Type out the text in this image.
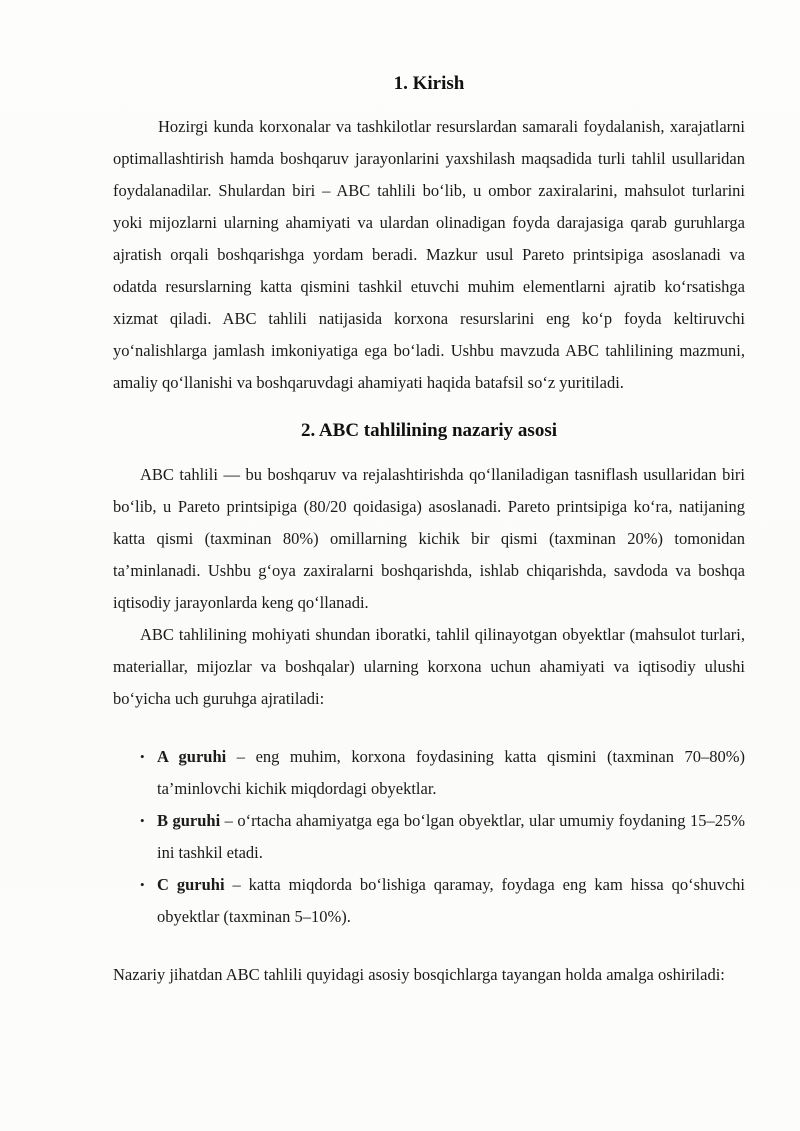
1. Kirish

Hozirgi kunda korxonalar va tashkilotlar resurslardan samarali foydalanish, xarajatlarni optimallashtirish hamda boshqaruv jarayonlarini yaxshilash maqsadida turli tahlil usullaridan foydalanadilar. Shulardan biri – ABC tahlili bo‘lib, u ombor zaxiralarini, mahsulot turlarini yoki mijozlarni ularning ahamiyati va ulardan olinadigan foyda darajasiga qarab guruhlarga ajratish orqali boshqarishga yordam beradi. Mazkur usul Pareto printsipiga asoslanadi va odatda resurslarning katta qismini tashkil etuvchi muhim elementlarni ajratib ko‘rsatishga xizmat qiladi. ABC tahlili natijasida korxona resurslarini eng ko‘p foyda keltiruvchi yo‘nalishlarga jamlash imkoniyatiga ega bo‘ladi. Ushbu mavzuda ABC tahlilining mazmuni, amaliy qo‘llanishi va boshqaruvdagi ahamiyati haqida batafsil so‘z yuritiladi.

2. ABC tahlilining nazariy asosi

ABC tahlili — bu boshqaruv va rejalashtirishda qo‘llaniladigan tasniflash usullaridan biri bo‘lib, u Pareto printsipiga (80/20 qoidasiga) asoslanadi. Pareto printsipiga ko‘ra, natijaning katta qismi (taxminan 80%) omillarning kichik bir qismi (taxminan 20%) tomonidan ta’minlanadi. Ushbu g‘oya zaxiralarni boshqarishda, ishlab chiqarishda, savdoda va boshqa iqtisodiy jarayonlarda keng qo‘llanadi.

ABC tahlilining mohiyati shundan iboratki, tahlil qilinayotgan obyektlar (mahsulot turlari, materiallar, mijozlar va boshqalar) ularning korxona uchun ahamiyati va iqtisodiy ulushi bo‘yicha uch guruhga ajratiladi:

• A guruhi – eng muhim, korxona foydasining katta qismini (taxminan 70–80%) ta’minlovchi kichik miqdordagi obyektlar.
• B guruhi – o‘rtacha ahamiyatga ega bo‘lgan obyektlar, ular umumiy foydaning 15–25% ini tashkil etadi.
• C guruhi – katta miqdorda bo‘lishiga qaramay, foydaga eng kam hissa qo‘shuvchi obyektlar (taxminan 5–10%).

Nazariy jihatdan ABC tahlili quyidagi asosiy bosqichlarga tayangan holda amalga oshiriladi:
